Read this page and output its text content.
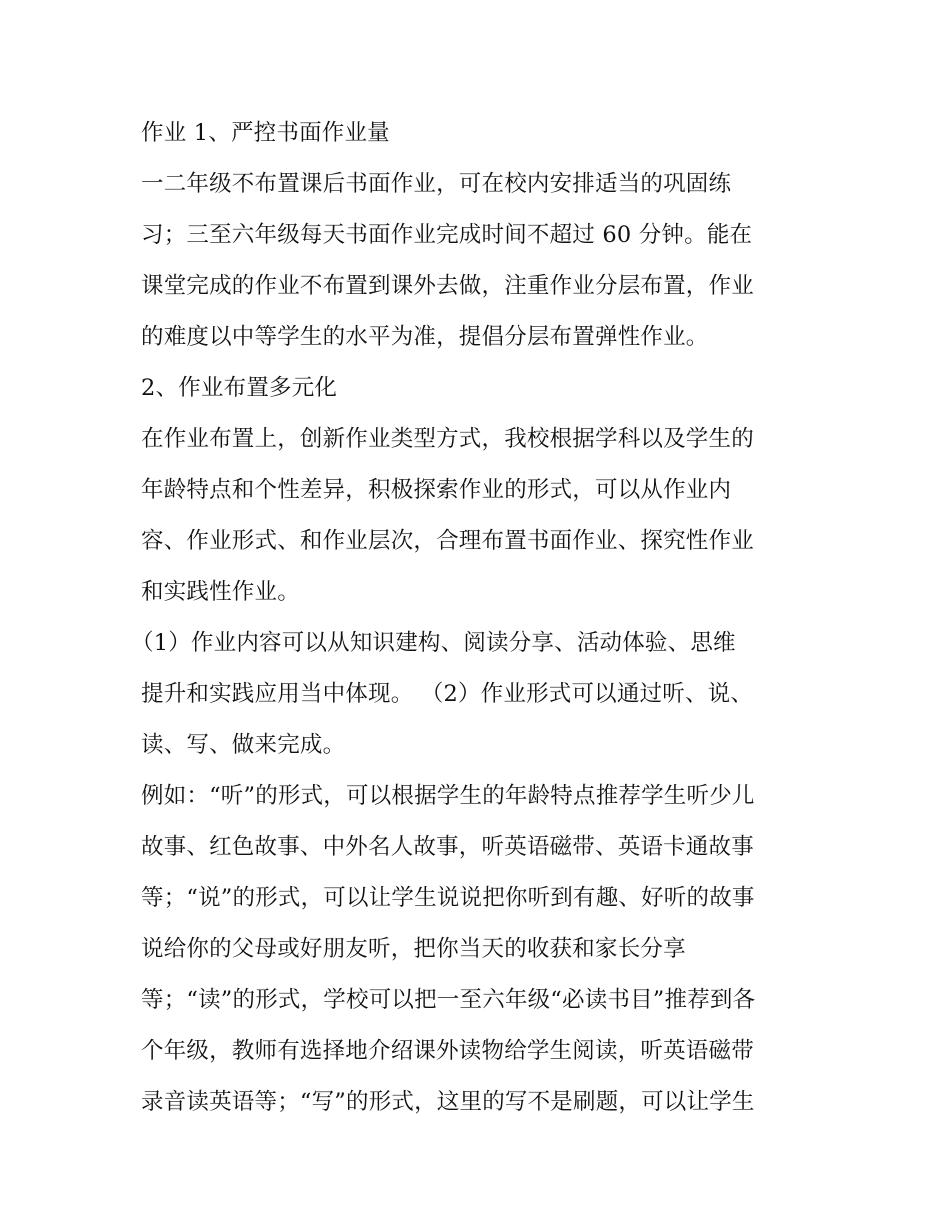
作业 1、严控书面作业量
一二年级不布置课后书面作业，可在校内安排适当的巩固练
习；三至六年级每天书面作业完成时间不超过 60 分钟。能在
课堂完成的作业不布置到课外去做，注重作业分层布置，作业
的难度以中等学生的水平为准，提倡分层布置弹性作业。
2、作业布置多元化
在作业布置上，创新作业类型方式，我校根据学科以及学生的
年龄特点和个性差异，积极探索作业的形式，可以从作业内
容、作业形式、和作业层次，合理布置书面作业、探究性作业
和实践性作业。
（1）作业内容可以从知识建构、阅读分享、活动体验、思维
提升和实践应用当中体现。 （2）作业形式可以通过听、说、
读、写、做来完成。
例如：“听”的形式，可以根据学生的年龄特点推荐学生听少儿
故事、红色故事、中外名人故事，听英语磁带、英语卡通故事
等；“说”的形式，可以让学生说说把你听到有趣、好听的故事
说给你的父母或好朋友听，把你当天的收获和家长分享
等；“读”的形式，学校可以把一至六年级“必读书目”推荐到各
个年级，教师有选择地介绍课外读物给学生阅读，听英语磁带
录音读英语等；“写”的形式，这里的写不是刷题，可以让学生
